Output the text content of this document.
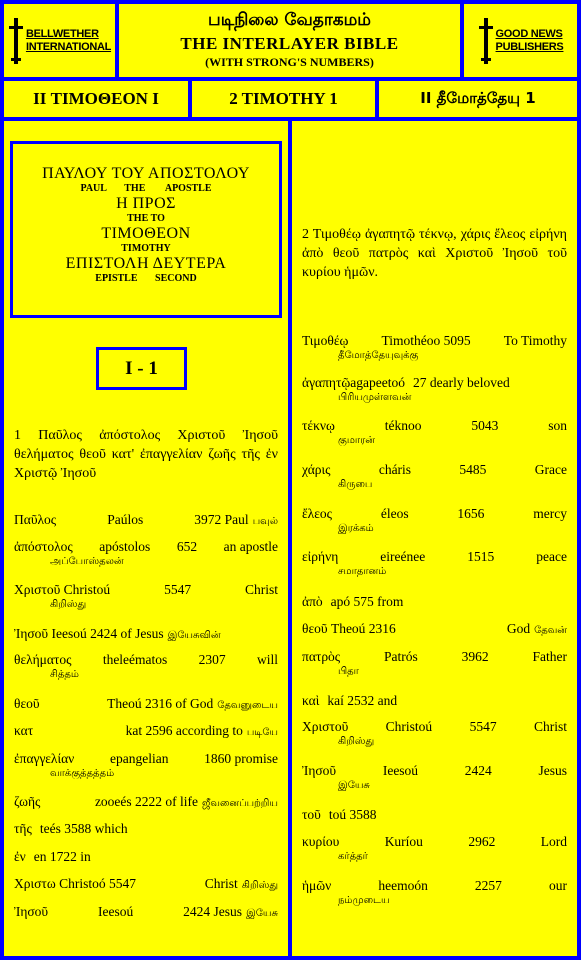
BELLWETHER
INTERNATIONAL
படிநிலை வேதாகமம்
THE INTERLAYER BIBLE
(WITH STRONG'S NUMBERS)
GOOD NEWS
PUBLISHERS
II ΤΙΜΟΘΕΟΝ Ι	2 TIMOTHY 1	II தீமோத்தேயு 1
ΠΑΥΛΟΥ ΤΟΥ ΑΠΟΣΤΟΛΟΥ
PAUL THE APOSTLE
Η ΠΡΟΣ
THE TO
ΤΙΜΟΘΕΟΝ
TIMOTHY
ΕΠΙΣΤΟΛΗ ΔΕΥΤΕΡΑ
EPISTLE SECOND
I - 1
1 Παῦλος ἀπόστολος Χριστοῦ Ἰησοῦ θελήματος θεοῦ κατ' ἐπαγγελίαν ζωῆς τῆς ἐν Χριστῷ Ἰησοῦ
Παῦλος	Paúlos	3972 Paul பவுல்
ἀπόστολος apóstolos 652 an apostle
அப்போஸ்தலன்
Χριστοῦ Christoú	5547	Christ
கிறிஸ்து
Ἰησοῦ Ieesoú 2424 of Jesus இயேசுவின்
θελήματος theleématos 2307 will
சித்தம்
θεοῦ	Theoú 2316 of God தேவனுடைய
κατ	kat 2596 according to படியே
ἐπαγγελίαν	epangelian	1860 promise
வாக்குத்தத்தம்
ζωῆς	zooeés 2222 of life ஜீவனைப்பற்றிய
τῆς teés 3588 which
ἐν en 1722 in
Χριστω Christoó 5547	Christ கிறிஸ்து
Ἰησοῦ	Ieesoú	2424 Jesus இயேசு
2 Τιμοθέῳ ἀγαπητῷ τέκνῳ, χάρις ἔλεος εἰρήνη ἀπὸ θεοῦ πατρὸς καὶ Χριστοῦ Ἰησοῦ τοῦ κυρίου ἡμῶν.
Τιμοθέῳ Timothéoo 5095 To Timothy
தீமோத்தேயுவுக்கு
ἀγαπητῷagapeetoó 27 dearly beloved
பிரியமுள்ளவன்
τέκνῳ	téknoo	5043	son
குமாரன்
χάρις	cháris	5485	Grace
கிருபை
ἔλεος	éleos	1656	mercy
இரக்கம்
εἰρήνη	eireénee	1515	peace
சமாதானம்
ἀπὸ apó 575 from
θεοῦ Theoú 2316	God தேவன்
πατρὸς	Patrós	3962	Father
பிதா
καὶ kaí 2532 and
Χριστοῦ	Christoú	5547	Christ
கிறிஸ்து
Ἰησοῦ	Ieesoú	2424	Jesus
இயேசு
τοῦ toú 3588
κυρίου	Kuríou	2962	Lord
கர்த்தர்
ἡμῶν	heemoón	2257	our
நம்முடைய
